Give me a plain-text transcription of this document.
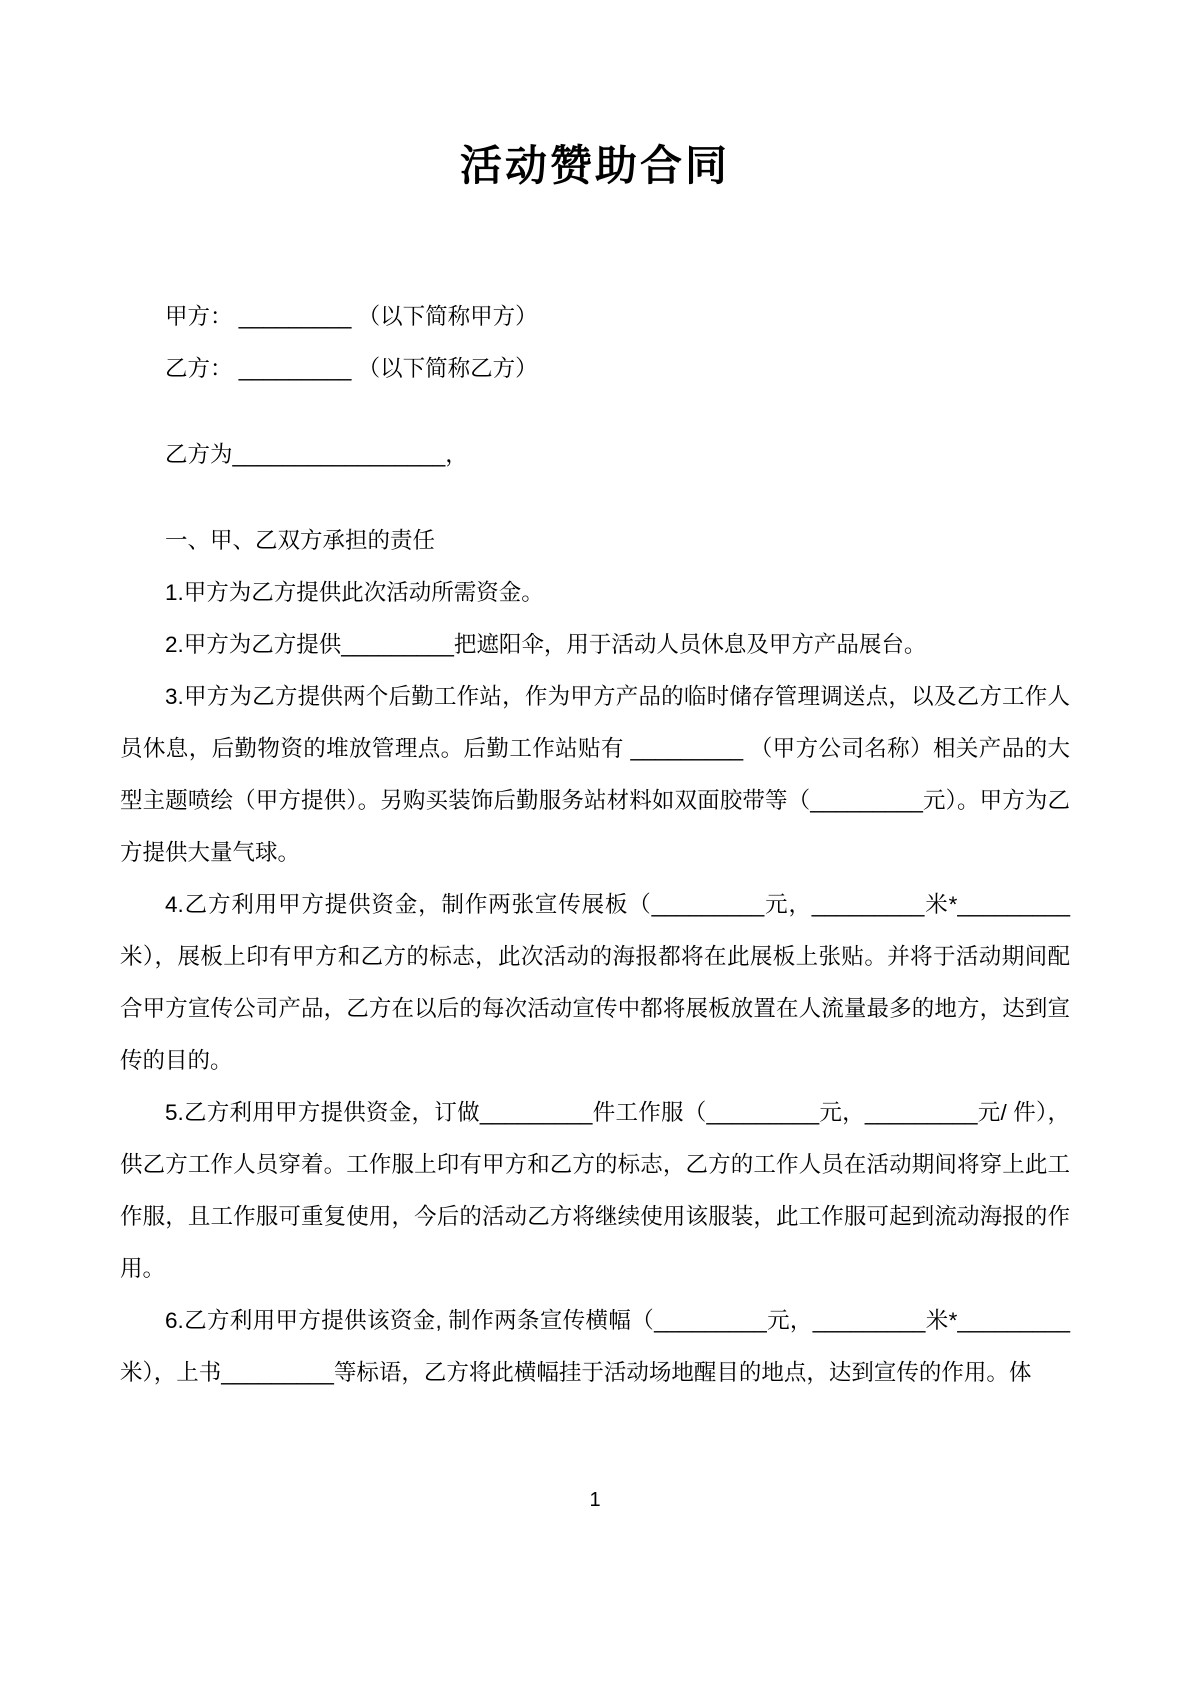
活动赞助合同

甲方： _________ （以下简称甲方）

乙方： _________ （以下简称乙方）

乙方为_________________，

一、甲、乙双方承担的责任

1.甲方为乙方提供此次活动所需资金。

2.甲方为乙方提供_________把遮阳伞，用于活动人员休息及甲方产品展台。

3.甲方为乙方提供两个后勤工作站，作为甲方产品的临时储存管理调送点，以及乙方工作人员休息，后勤物资的堆放管理点。后勤工作站贴有 _________ （甲方公司名称）相关产品的大型主题喷绘（甲方提供）。另购买装饰后勤服务站材料如双面胶带等（_________元）。甲方为乙方提供大量气球。

4.乙方利用甲方提供资金，制作两张宣传展板（_________元，_________米*_________米），展板上印有甲方和乙方的标志，此次活动的海报都将在此展板上张贴。并将于活动期间配合甲方宣传公司产品，乙方在以后的每次活动宣传中都将展板放置在人流量最多的地方，达到宣传的目的。

5.乙方利用甲方提供资金，订做_________件工作服（_________元，_________元/ 件），供乙方工作人员穿着。工作服上印有甲方和乙方的标志，乙方的工作人员在活动期间将穿上此工作服，且工作服可重复使用，今后的活动乙方将继续使用该服装，此工作服可起到流动海报的作用。

6.乙方利用甲方提供该资金, 制作两条宣传横幅（_________元，_________米*_________米），上书_________等标语，乙方将此横幅挂于活动场地醒目的地点，达到宣传的作用。体

1
